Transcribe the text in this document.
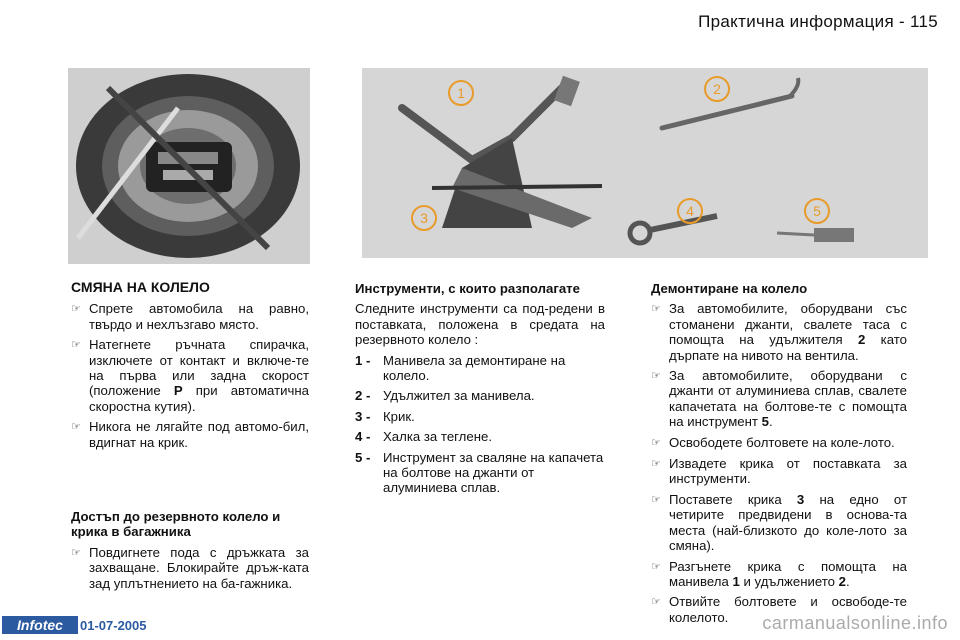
Практична информация - 115
1	2
3	4	5
СМЯНА НА КОЛЕЛО
☞ Спрете автомобила на равно, твърдо и нехлъзгаво място.
☞ Натегнете ръчната спирачка, изключете от контакт и включе-те на първа или задна скорост (положение P при автоматична скоростна кутия).
☞ Никога не лягайте под автомо-бил, вдигнат на крик.
Достъп до резервното колело и крика в багажника
☞ Повдигнете пода с дръжката за захващане. Блокирайте дръж-ката зад уплътнението на ба-гажника.
Инструменти, с които разполагате
Следните инструменти са под-редени в поставката, положена в средата на резервното колело :
1 - Манивела за демонтиране на колело.
2 - Удължител за манивела.
3 - Крик.
4 - Халка за теглене.
5 - Инструмент за сваляне на капачета на болтове на джанти от алуминиева сплав.
Демонтиране на колело
☞ За автомобилите, оборудвани със стоманени джанти, свалете таса с помощта на удължителя 2 като дърпате на нивото на вентила.
☞ За автомобилите, оборудвани с джанти от алуминиева сплав, свалете капачетата на болтове-те с помощта на инструмент 5.
☞ Освободете болтовете на коле-лото.
☞ Извадете крика от поставката за инструменти.
☞ Поставете крика 3 на едно от четирите предвидени в основа-та места (най-близкото до коле-лото за смяна).
☞ Разгънете крика с помощта на манивела 1 и удължението 2.
☞ Отвийте болтовете и освободе-те колелото.
Infotec	01-07-2005	carmanualsonline.info
